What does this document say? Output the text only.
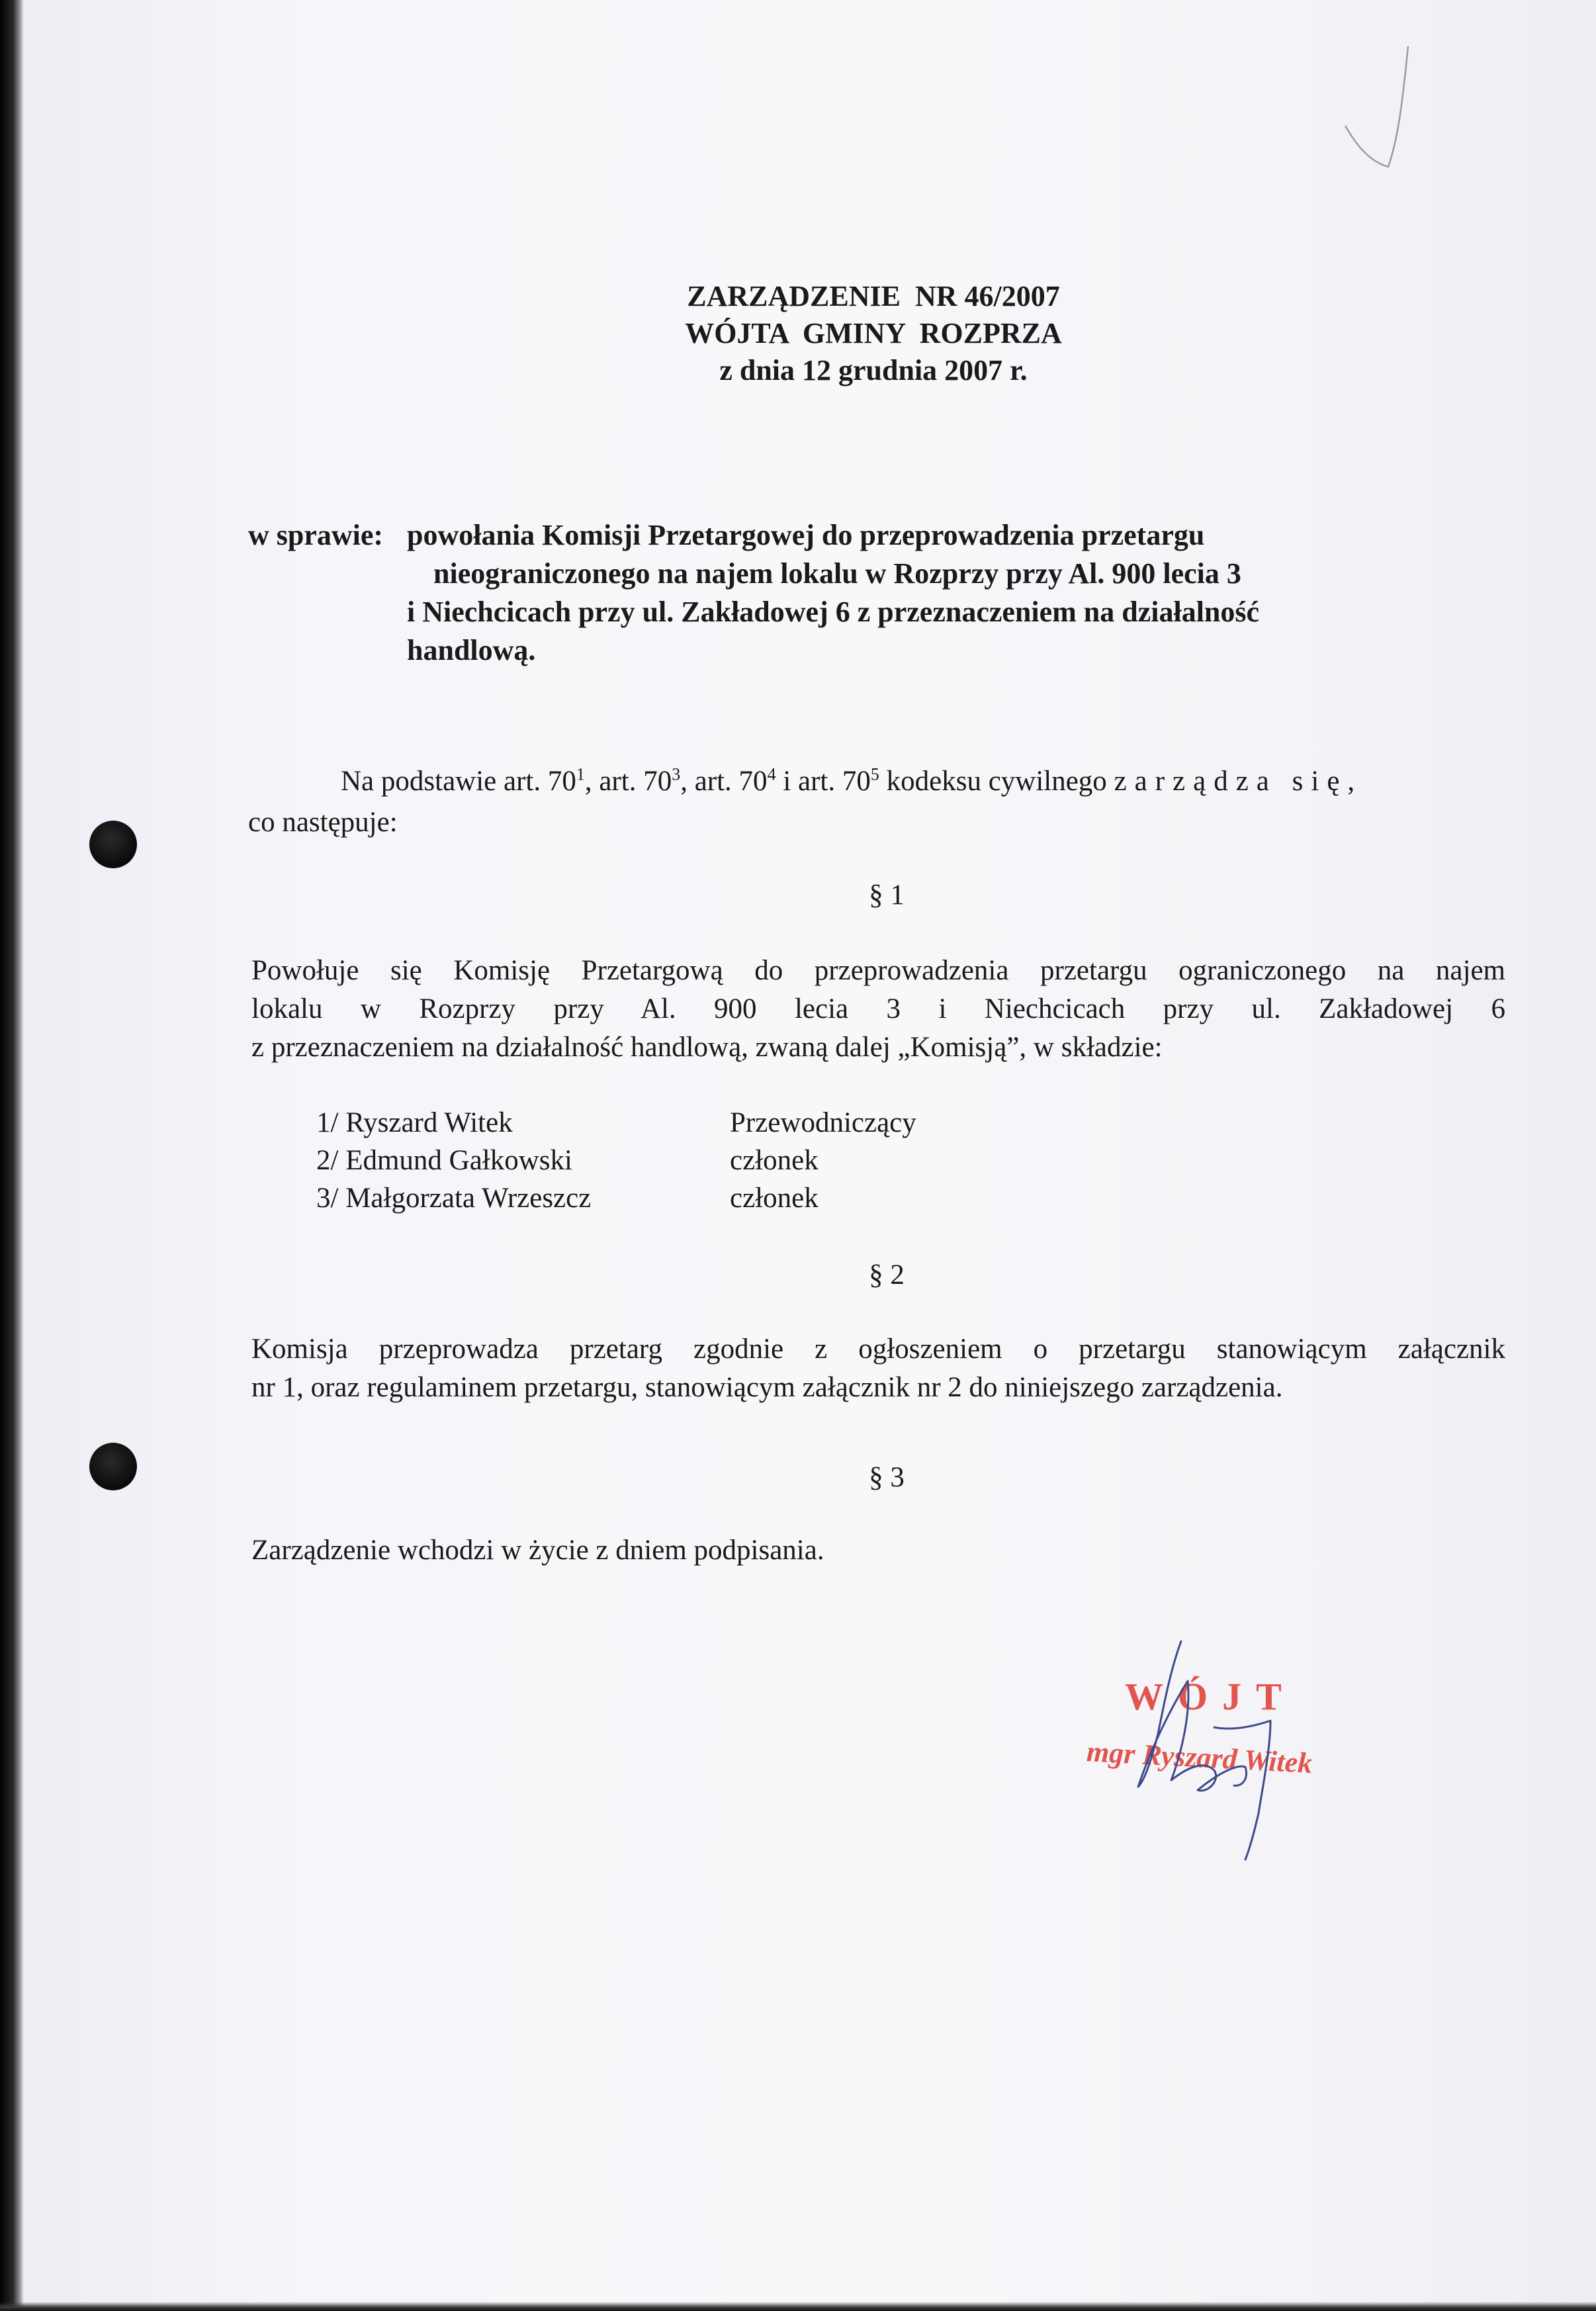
ZARZĄDZENIE  NR 46/2007
WÓJTA  GMINY  ROZPRZA
z dnia 12 grudnia 2007 r.
w sprawie: powołania Komisji Przetargowej do przeprowadzenia przetargu
nieograniczonego na najem lokalu w Rozprzy przy Al. 900 lecia 3
i Niechcicach przy ul. Zakładowej 6 z przeznaczeniem na działalność
handlową.
Na podstawie art. $70^1$, art. $70^3$, art. $70^4$ i art. $70^5$ kodeksu cywilnego zarządza się,
co następuje:
§ 1
Powołuje się Komisję Przetargową do przeprowadzenia przetargu ograniczonego na najem
lokalu w Rozprzy przy Al. 900 lecia 3 i Niechcicach przy ul. Zakładowej 6
z przeznaczeniem na działalność handlową, zwaną dalej „Komisją”, w składzie:
1/ Ryszard Witek	Przewodniczący
2/ Edmund Gałkowski	członek
3/ Małgorzata Wrzeszcz	członek
§ 2
Komisja przeprowadza przetarg zgodnie z ogłoszeniem o przetargu stanowiącym załącznik
nr 1, oraz regulaminem przetargu, stanowiącym załącznik nr 2 do niniejszego zarządzenia.
§ 3
Zarządzenie wchodzi w życie z dniem podpisania.
WÓJT
mgr Ryszard Witek
